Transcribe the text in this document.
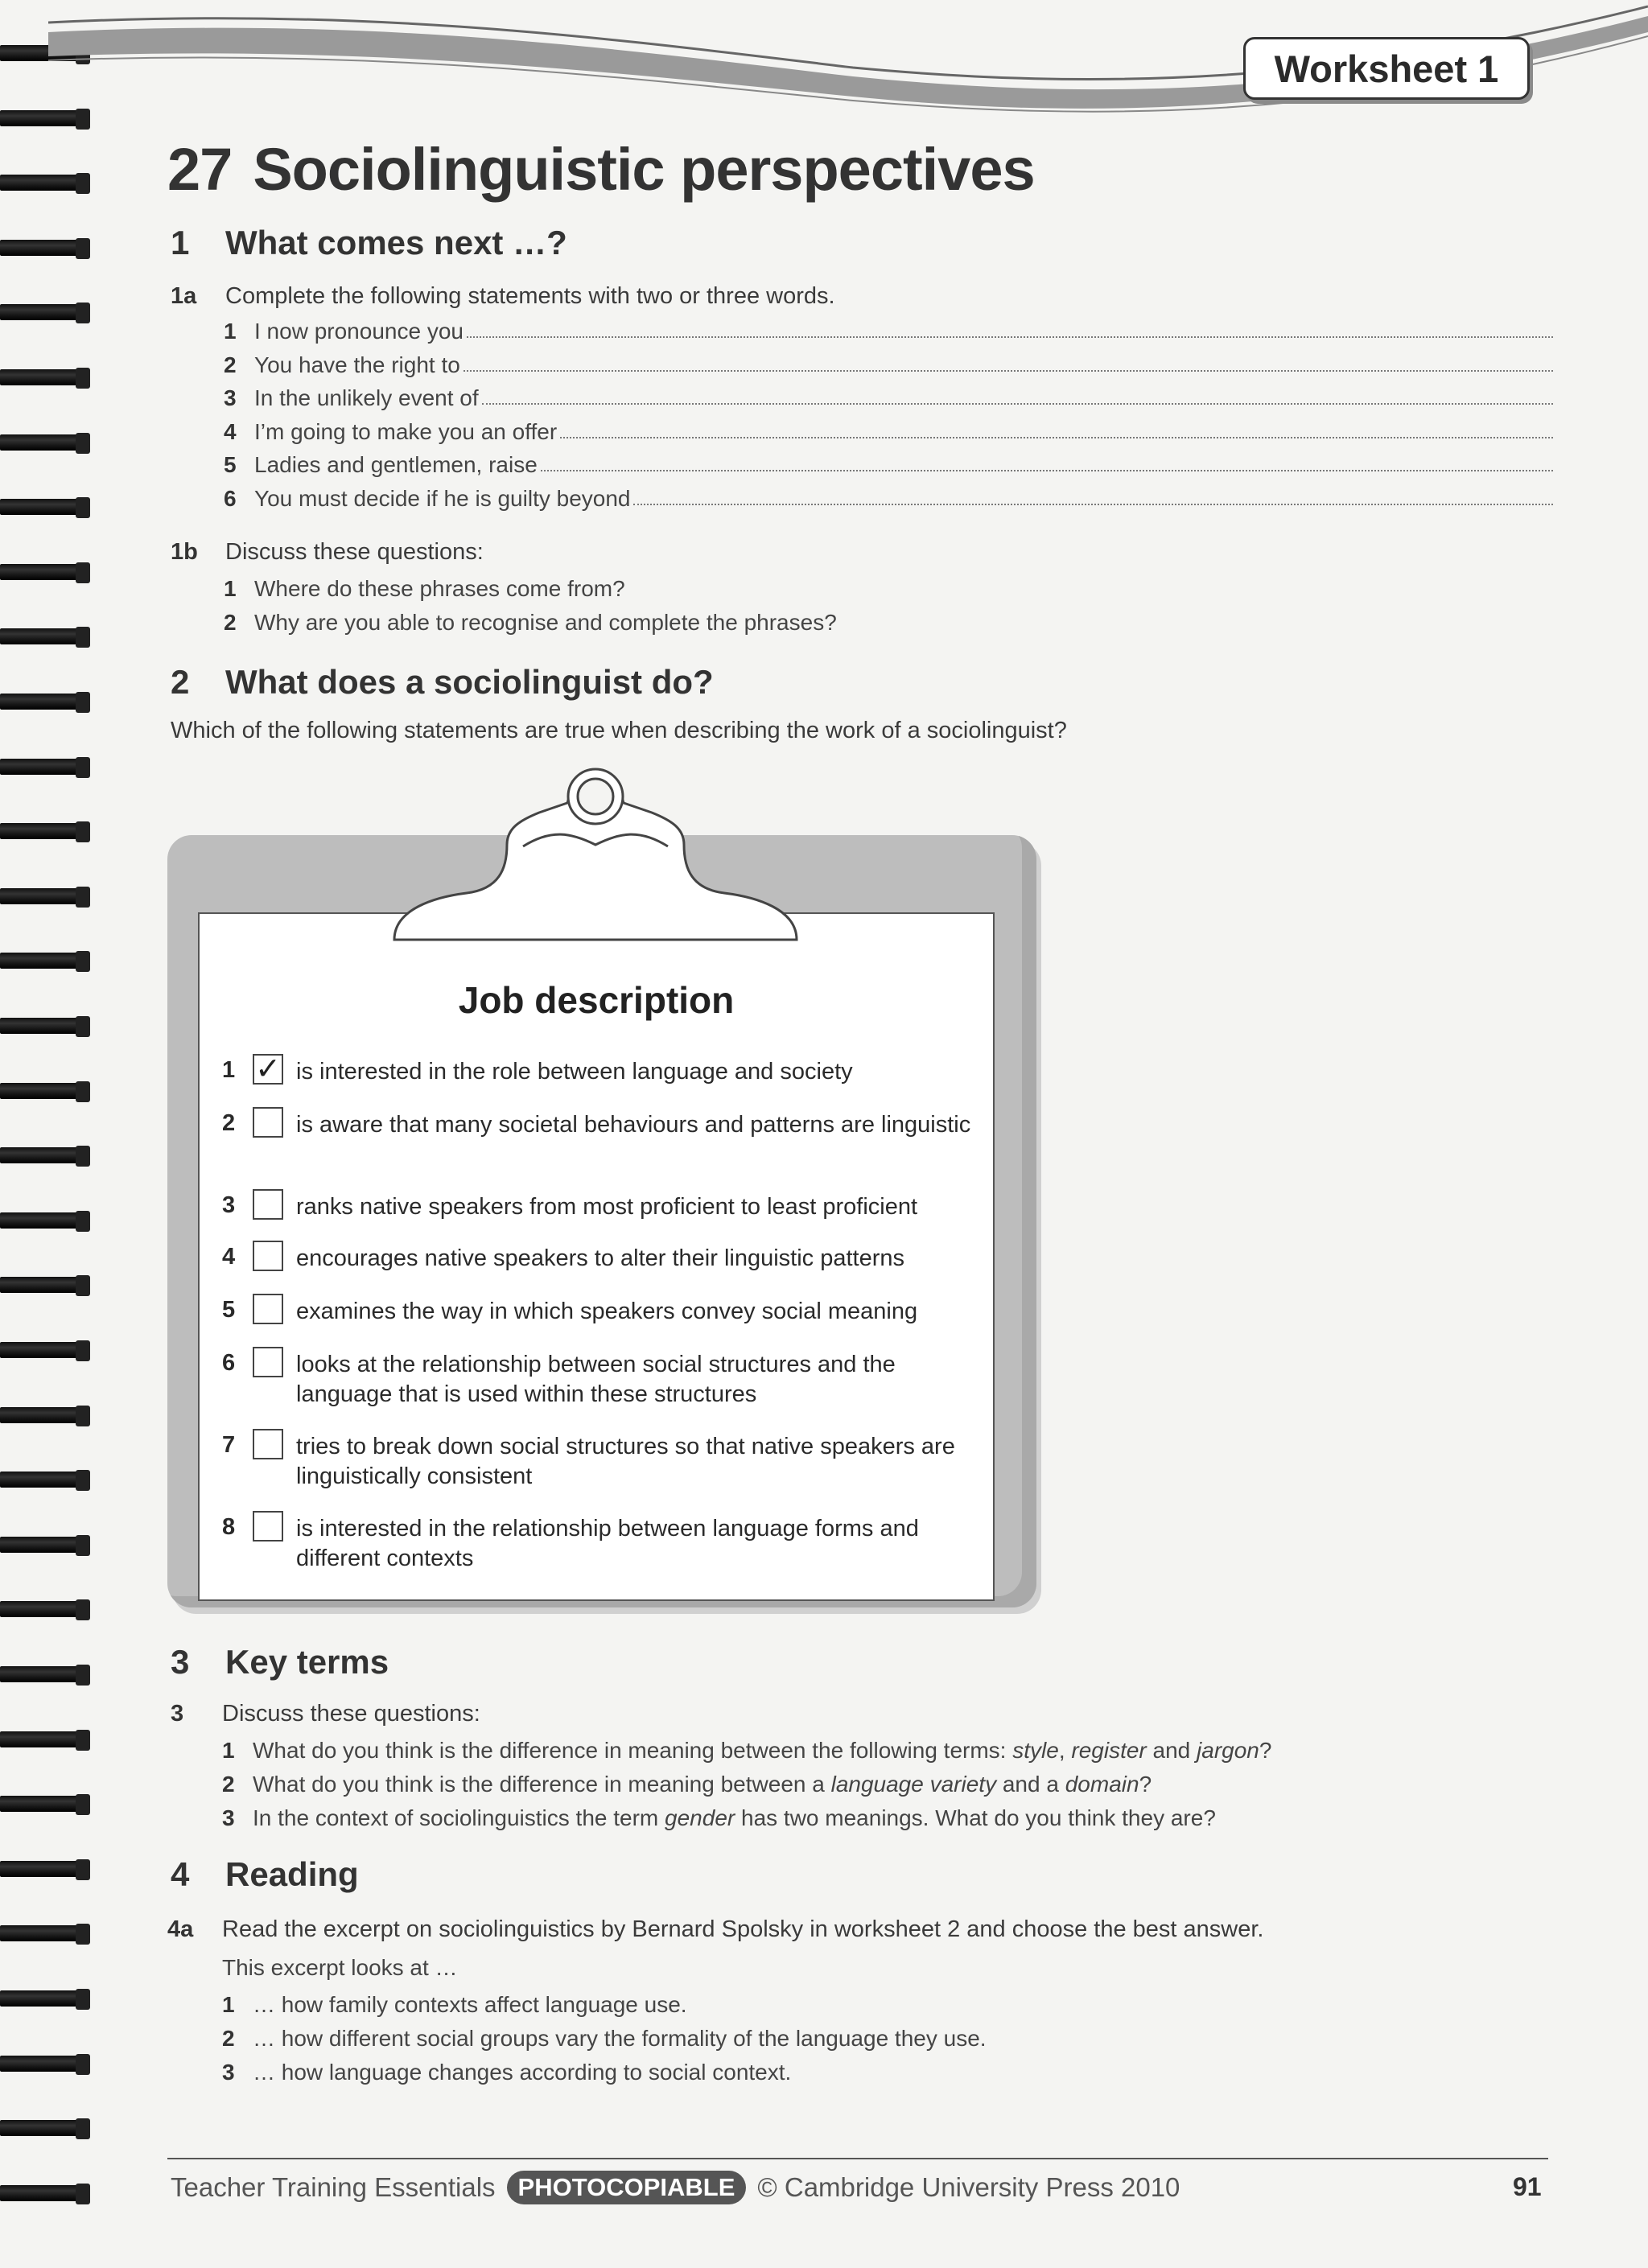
Worksheet 1
27 Sociolinguistic perspectives
1 What comes next …?
1a Complete the following statements with two or three words.
1 I now pronounce you
2 You have the right to
3 In the unlikely event of
4 I’m going to make you an offer
5 Ladies and gentlemen, raise
6 You must decide if he is guilty beyond
1b Discuss these questions:
1 Where do these phrases come from?
2 Why are you able to recognise and complete the phrases?
2 What does a sociolinguist do?
Which of the following statements are true when describing the work of a sociolinguist?
Job description
1 ✓ is interested in the role between language and society
2	is aware that many societal behaviours and patterns are linguistic
3	ranks native speakers from most proficient to least proficient
4	encourages native speakers to alter their linguistic patterns
5	examines the way in which speakers convey social meaning
6	looks at the relationship between social structures and the language that is used within these structures
7	tries to break down social structures so that native speakers are linguistically consistent
8	is interested in the relationship between language forms and different contexts
3 Key terms
3 Discuss these questions:
1 What do you think is the difference in meaning between the following terms: style, register and jargon?
2 What do you think is the difference in meaning between a language variety and a domain?
3 In the context of sociolinguistics the term gender has two meanings. What do you think they are?
4 Reading
4a Read the excerpt on sociolinguistics by Bernard Spolsky in worksheet 2 and choose the best answer.
This excerpt looks at …
1 … how family contexts affect language use.
2 … how different social groups vary the formality of the language they use.
3 … how language changes according to social context.
Teacher Training Essentials PHOTOCOPIABLE © Cambridge University Press 2010	91
